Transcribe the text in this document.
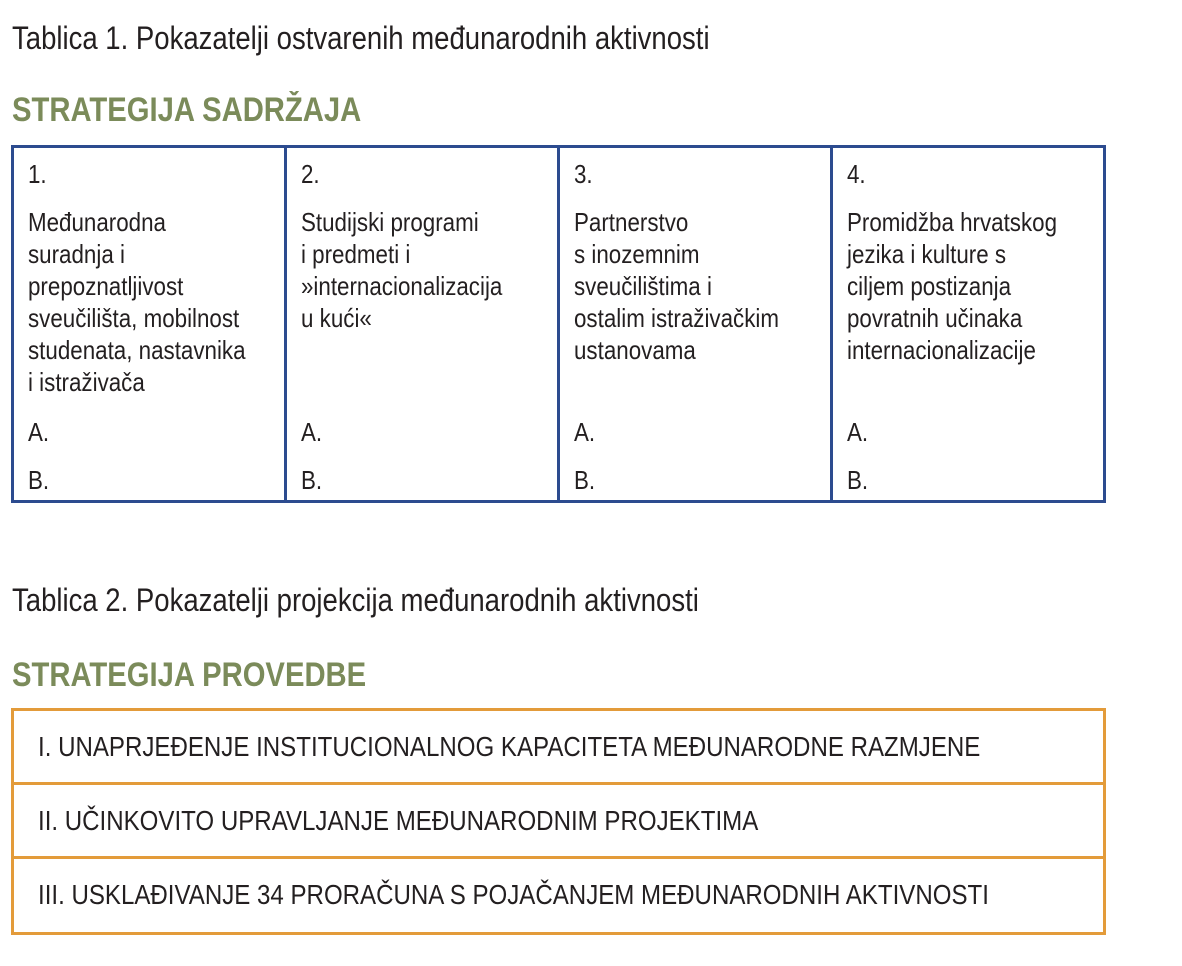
Tablica 1. Pokazatelji ostvarenih međunarodnih aktivnosti
STRATEGIJA SADRŽAJA
1.
Međunarodna
suradnja i
prepoznatljivost
sveučilišta, mobilnost
studenata, nastavnika
i istraživača
A.
B.
2.
Studijski programi
i predmeti i
»internacionalizacija
u kući«
A.
B.
3.
Partnerstvo
s inozemnim
sveučilištima i
ostalim istraživačkim
ustanovama
A.
B.
4.
Promidžba hrvatskog
jezika i kulture s
ciljem postizanja
povratnih učinaka
internacionalizacije
A.
B.
Tablica 2. Pokazatelji projekcija međunarodnih aktivnosti
STRATEGIJA PROVEDBE
I. UNAPRJEĐENJE INSTITUCIONALNOG KAPACITETA MEĐUNARODNE RAZMJENE
II. UČINKOVITO UPRAVLJANJE MEĐUNARODNIM PROJEKTIMA
III. USKLAĐIVANJE 34 PRORAČUNA S POJAČANJEM MEĐUNARODNIH AKTIVNOSTI
